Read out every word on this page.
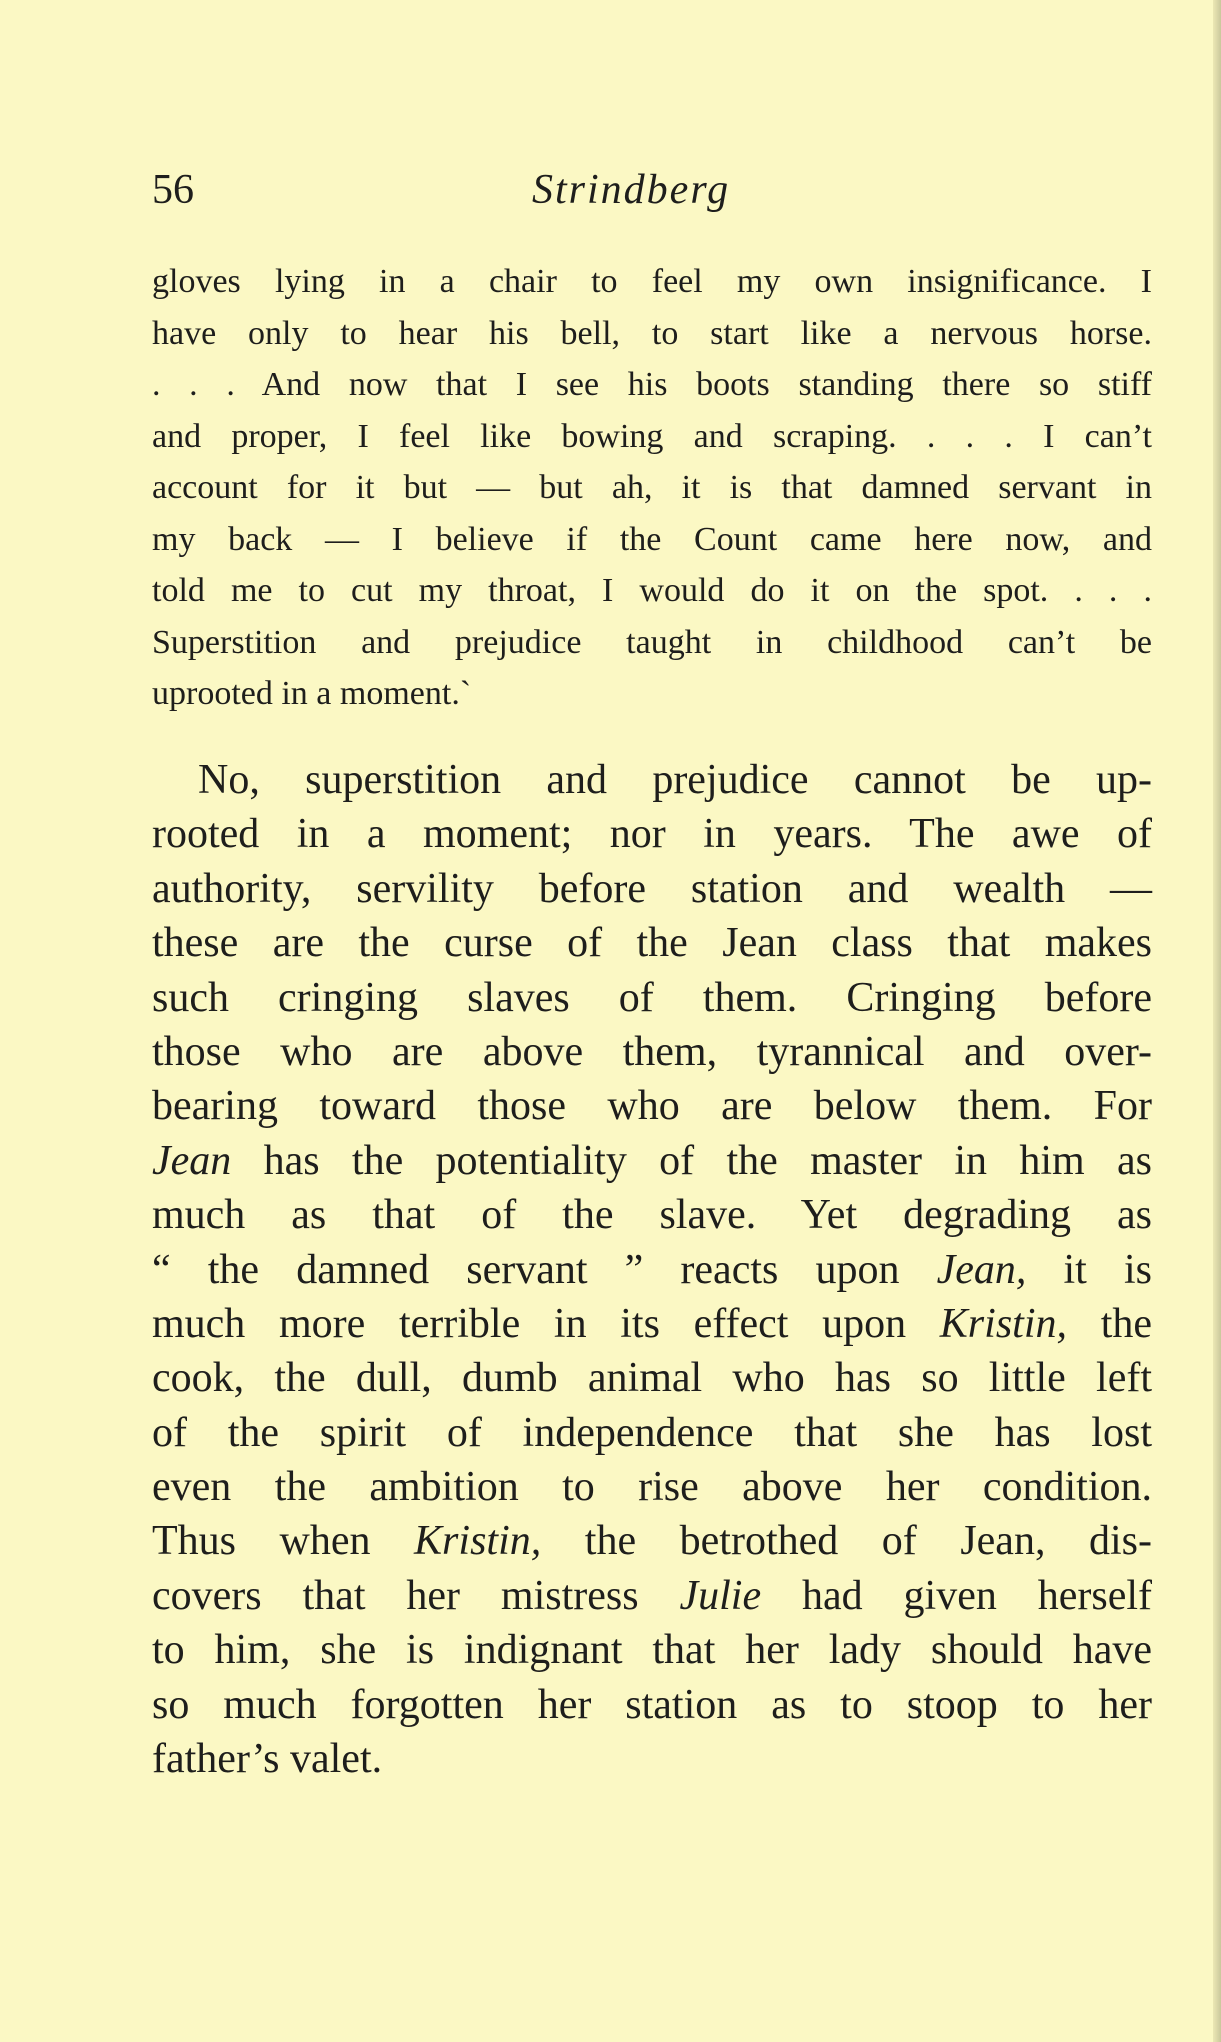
56	Strindberg
gloves lying in a chair to feel my own insignificance. I
have only to hear his bell, to start like a nervous horse.
. . . And now that I see his boots standing there so stiff
and proper, I feel like bowing and scraping. . . . I can’t
account for it but — but ah, it is that damned servant in
my back — I believe if the Count came here now, and
told me to cut my throat, I would do it on the spot. . . .
Superstition and prejudice taught in childhood can’t be
uprooted in a moment.`
No, superstition and prejudice cannot be up-
rooted in a moment; nor in years. The awe of
authority, servility before station and wealth —
these are the curse of the Jean class that makes
such cringing slaves of them. Cringing before
those who are above them, tyrannical and over-
bearing toward those who are below them. For
Jean has the potentiality of the master in him as
much as that of the slave. Yet degrading as
“ the damned servant ” reacts upon Jean, it is
much more terrible in its effect upon Kristin, the
cook, the dull, dumb animal who has so little left
of the spirit of independence that she has lost
even the ambition to rise above her condition.
Thus when Kristin, the betrothed of Jean, dis-
covers that her mistress Julie had given herself
to him, she is indignant that her lady should have
so much forgotten her station as to stoop to her
father’s valet.
